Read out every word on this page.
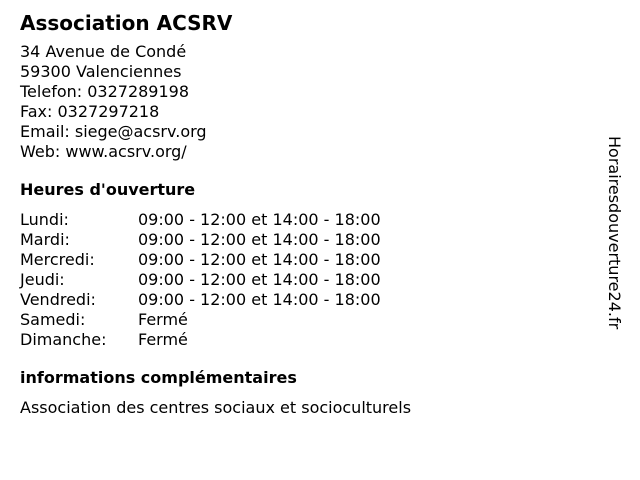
Association ACSRV
34 Avenue de Condé
59300 Valenciennes
Telefon: 0327289198
Fax: 0327297218
Email: siege@acsrv.org
Web: www.acsrv.org/
Heures d'ouverture
Lundi:	09:00 - 12:00 et 14:00 - 18:00
Mardi:	09:00 - 12:00 et 14:00 - 18:00
Mercredi:	09:00 - 12:00 et 14:00 - 18:00
Jeudi:	09:00 - 12:00 et 14:00 - 18:00
Vendredi:	09:00 - 12:00 et 14:00 - 18:00
Samedi:	Fermé
Dimanche:	Fermé
informations complémentaires
Association des centres sociaux et socioculturels
Horairesdouverture24.fr
